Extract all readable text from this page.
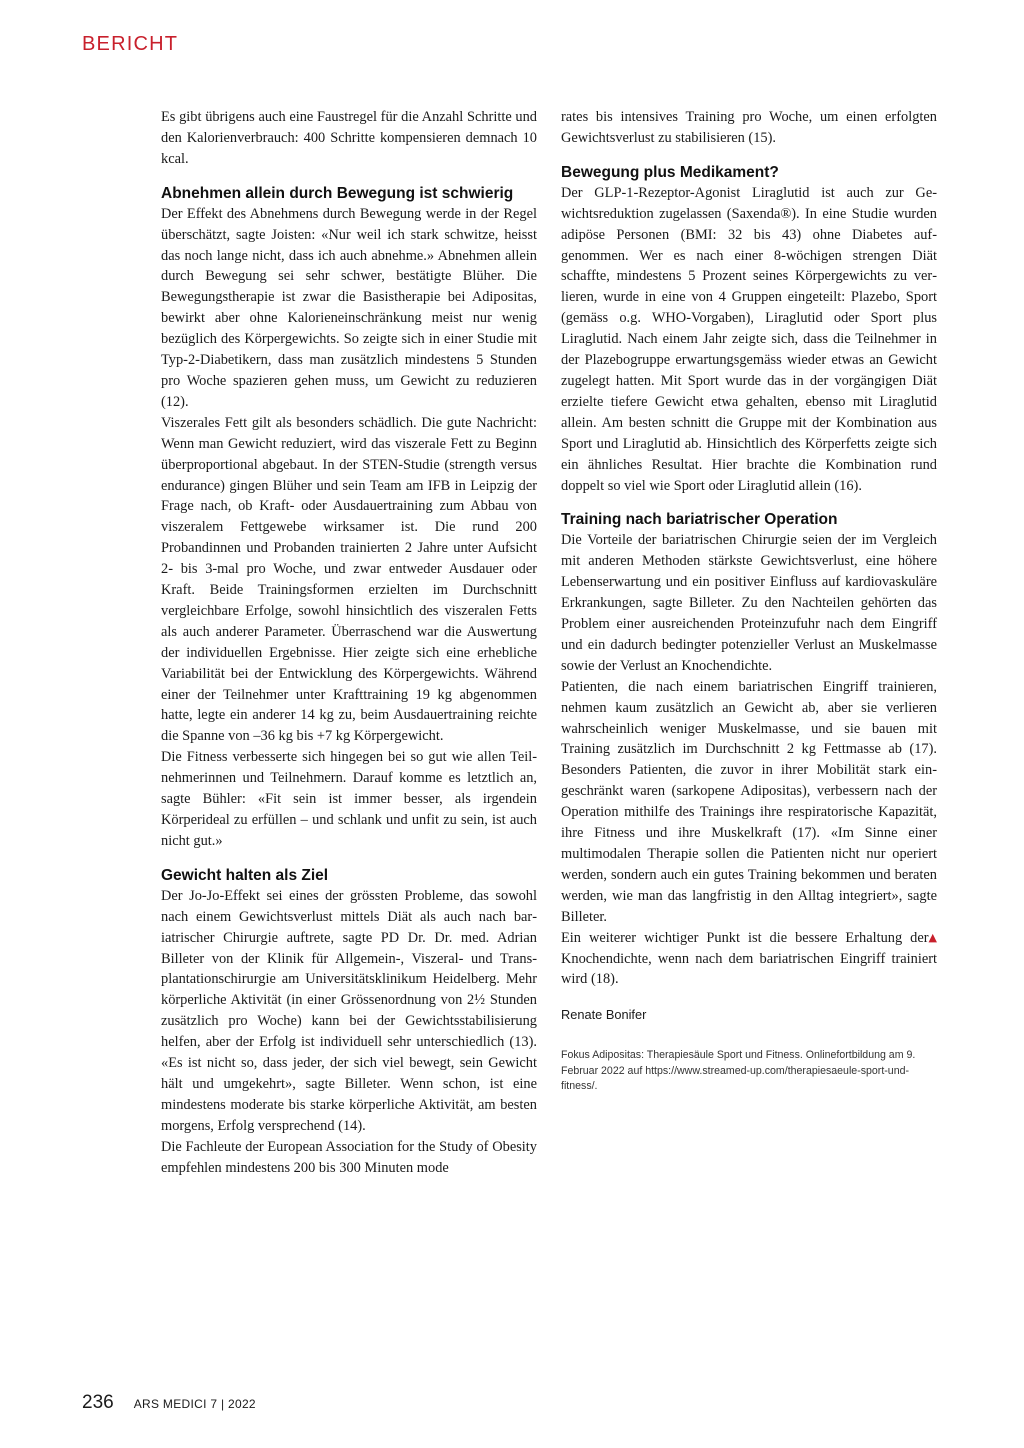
BERICHT

Es gibt übrigens auch eine Faustregel für die Anzahl Schritte und den Kalorienverbrauch: 400 Schritte kompensieren demnach 10 kcal.

Abnehmen allein durch Bewegung ist schwierig

Der Effekt des Abnehmens durch Bewegung werde in der Regel überschätzt, sagte Joisten: «Nur weil ich stark schwitze, heisst das noch lange nicht, dass ich auch abnehme.» Abnehmen allein durch Bewegung sei sehr schwer, bestätigte Blüher. Die Bewegungstherapie ist zwar die Basistherapie bei Adipositas, bewirkt aber ohne Kalorieneinschränkung meist nur wenig bezüglich des Körpergewichts. So zeigte sich in einer Studie mit Typ-2-Diabetikern, dass man zusätzlich mindestens 5 Stunden pro Woche spazieren gehen muss, um Gewicht zu reduzieren (12).

Viszerales Fett gilt als besonders schädlich. Die gute Nachricht: Wenn man Gewicht reduziert, wird das viszerale Fett zu Beginn überproportional abgebaut. In der STEN-Studie (strength versus endurance) gingen Blüher und sein Team am IFB in Leipzig der Frage nach, ob Kraft- oder Ausdauertraining zum Abbau von viszeralem Fettgewebe wirksamer ist. Die rund 200 Probandinnen und Probanden trainierten 2 Jahre unter Aufsicht 2- bis 3-mal pro Woche, und zwar entweder Ausdauer oder Kraft. Beide Trainingsformen erzielten im Durchschnitt vergleichbare Erfolge, sowohl hinsichtlich des viszeralen Fetts als auch anderer Parameter. Überraschend war die Auswertung der individuellen Ergebnisse. Hier zeigte sich eine erhebliche Variabilität bei der Entwicklung des Körpergewichts. Während einer der Teilnehmer unter Krafttraining 19 kg abgenommen hatte, legte ein anderer 14 kg zu, beim Ausdauertraining reichte die Spanne von –36 kg bis +7 kg Körpergewicht.

Die Fitness verbesserte sich hingegen bei so gut wie allen Teilnehmerinnen und Teilnehmern. Darauf komme es letztlich an, sagte Bühler: «Fit sein ist immer besser, als irgendein Körperideal zu erfüllen – und schlank und unfit zu sein, ist auch nicht gut.»

Gewicht halten als Ziel

Der Jo-Jo-Effekt sei eines der grössten Probleme, das sowohl nach einem Gewichtsverlust mittels Diät als auch nach bariatrischer Chirurgie auftrete, sagte PD Dr. Dr. med. Adrian Billeter von der Klinik für Allgemein-, Viszeral- und Transplantationschirurgie am Universitätsklinikum Heidelberg. Mehr körperliche Aktivität (in einer Grössenordnung von 2½ Stunden zusätzlich pro Woche) kann bei der Gewichtsstabilisierung helfen, aber der Erfolg ist individuell sehr unterschiedlich (13). «Es ist nicht so, dass jeder, der sich viel bewegt, sein Gewicht hält und umgekehrt», sagte Billeter. Wenn schon, ist eine mindestens moderate bis starke körperliche Aktivität, am besten morgens, Erfolg versprechend (14).

Die Fachleute der European Association for the Study of Obesity empfehlen mindestens 200 bis 300 Minuten mode

rates bis intensives Training pro Woche, um einen erfolgten Gewichtsverlust zu stabilisieren (15).

Bewegung plus Medikament?

Der GLP-1-Rezeptor-Agonist Liraglutid ist auch zur Gewichtsreduktion zugelassen (Saxenda®). In eine Studie wurden adipöse Personen (BMI: 32 bis 43) ohne Diabetes aufgenommen. Wer es nach einer 8-wöchigen strengen Diät schaffte, mindestens 5 Prozent seines Körpergewichts zu verlieren, wurde in eine von 4 Gruppen eingeteilt: Plazebo, Sport (gemäss o.g. WHO-Vorgaben), Liraglutid oder Sport plus Liraglutid. Nach einem Jahr zeigte sich, dass die Teilnehmer in der Plazebogruppe erwartungsgemäss wieder etwas an Gewicht zugelegt hatten. Mit Sport wurde das in der vorgängigen Diät erzielte tiefere Gewicht etwa gehalten, ebenso mit Liraglutid allein. Am besten schnitt die Gruppe mit der Kombination aus Sport und Liraglutid ab. Hinsichtlich des Körperfetts zeigte sich ein ähnliches Resultat. Hier brachte die Kombination rund doppelt so viel wie Sport oder Liraglutid allein (16).

Training nach bariatrischer Operation

Die Vorteile der bariatrischen Chirurgie seien der im Vergleich mit anderen Methoden stärkste Gewichtsverlust, eine höhere Lebenserwartung und ein positiver Einfluss auf kardiovaskuläre Erkrankungen, sagte Billeter. Zu den Nachteilen gehörten das Problem einer ausreichenden Proteinzufuhr nach dem Eingriff und ein dadurch bedingter potenzieller Verlust an Muskelmasse sowie der Verlust an Knochendichte.

Patienten, die nach einem bariatrischen Eingriff trainieren, nehmen kaum zusätzlich an Gewicht ab, aber sie verlieren wahrscheinlich weniger Muskelmasse, und sie bauen mit Training zusätzlich im Durchschnitt 2 kg Fettmasse ab (17). Besonders Patienten, die zuvor in ihrer Mobilität stark eingeschränkt waren (sarkopene Adipositas), verbessern nach der Operation mithilfe des Trainings ihre respiratorische Kapazität, ihre Fitness und ihre Muskelkraft (17). «Im Sinne einer multimodalen Therapie sollen die Patienten nicht nur operiert werden, sondern auch ein gutes Training bekommen und beraten werden, wie man das langfristig in den Alltag integriert», sagte Billeter.

▲
Ein weiterer wichtiger Punkt ist die bessere Erhaltung der Knochendichte, wenn nach dem bariatrischen Eingriff trainiert wird (18).

Renate Bonifer
Fokus Adipositas: Therapiesäule Sport und Fitness. Onlinefortbildung am 9. Februar 2022 auf https://www.streamed-up.com/therapiesaeule-sport-und-fitness/.
236 ARS MEDICI 7 | 2022
